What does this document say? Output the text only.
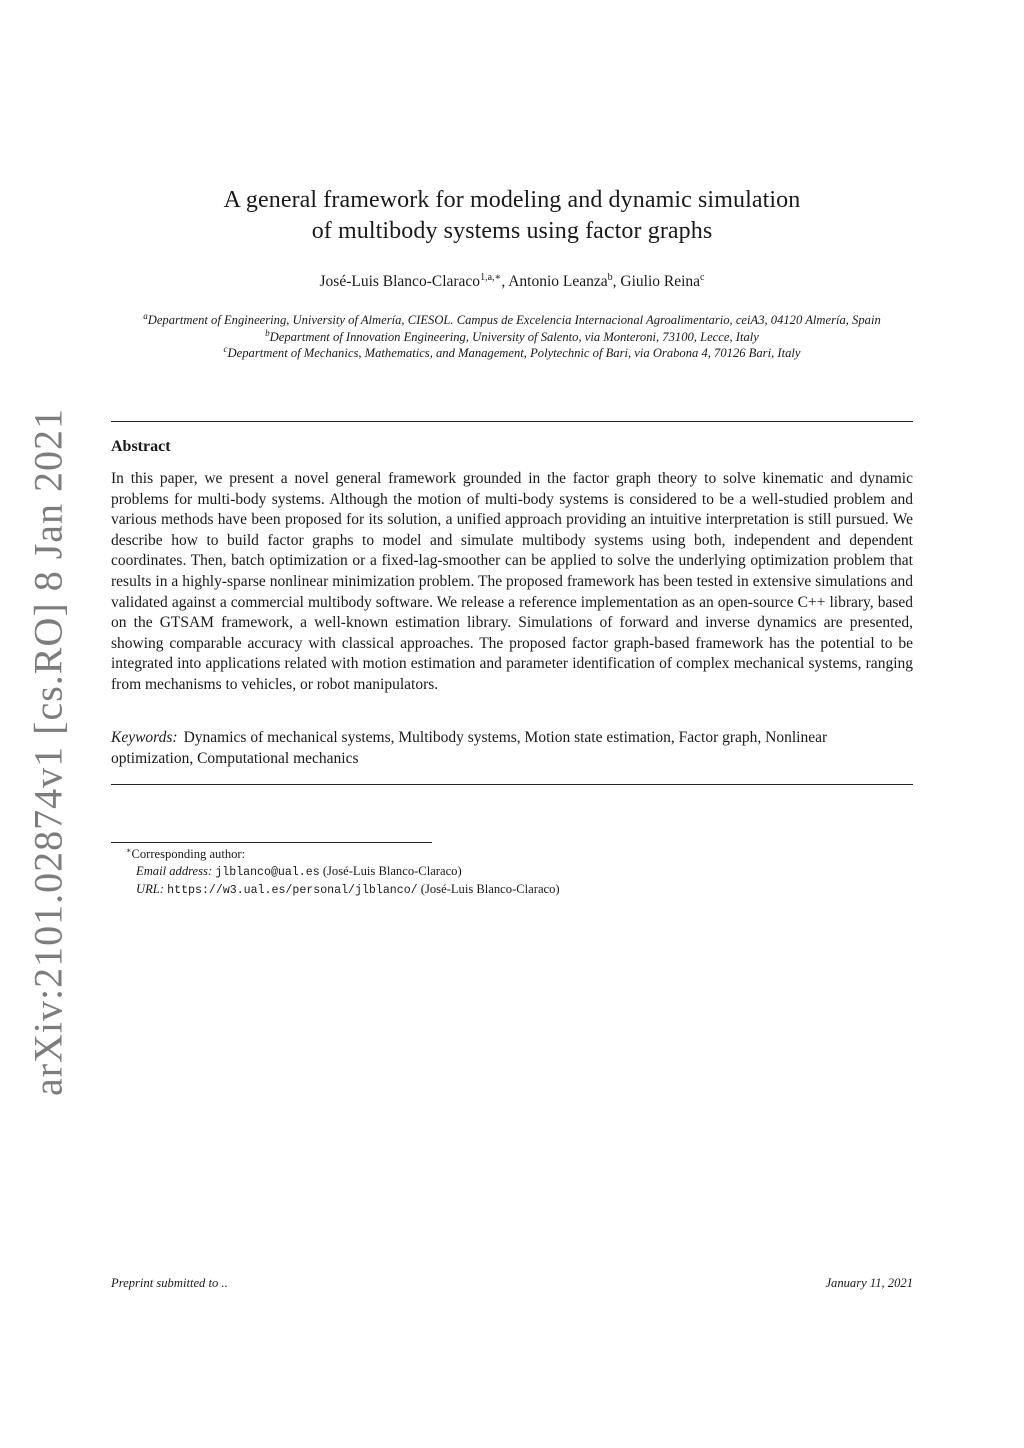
arXiv:2101.02874v1 [cs.RO] 8 Jan 2021
A general framework for modeling and dynamic simulation
of multibody systems using factor graphs
José-Luis Blanco-Claraco$^{1,a,∗}$, Antonio Leanza$^b$, Giulio Reina$^c$
$^a$Department of Engineering, University of Almería, CIESOL. Campus de Excelencia Internacional Agroalimentario, ceiA3, 04120 Almería, Spain
$^b$Department of Innovation Engineering, University of Salento, via Monteroni, 73100, Lecce, Italy
$^c$Department of Mechanics, Mathematics, and Management, Polytechnic of Bari, via Orabona 4, 70126 Bari, Italy
Abstract
In this paper, we present a novel general framework grounded in the factor graph theory to solve kinematic and dynamic problems for multi-body systems. Although the motion of multi-body systems is considered to be a well-studied problem and various methods have been proposed for its solution, a unified approach providing an intuitive interpretation is still pursued. We describe how to build factor graphs to model and simulate multibody systems using both, independent and dependent coordinates. Then, batch optimization or a fixed-lag-smoother can be applied to solve the underlying optimization problem that results in a highly-sparse nonlinear minimization problem. The proposed framework has been tested in extensive simulations and validated against a commercial multibody software. We release a reference implementation as an open-source C++ library, based on the GTSAM framework, a well-known estimation library. Simulations of forward and inverse dynamics are presented, showing comparable accuracy with classical approaches. The proposed factor graph-based framework has the potential to be integrated into applications related with motion estimation and parameter identification of complex mechanical systems, ranging from mechanisms to vehicles, or robot manipulators.
Keywords: Dynamics of mechanical systems, Multibody systems, Motion state estimation, Factor graph, Nonlinear optimization, Computational mechanics
∗Corresponding author:
Email address: jlblanco@ual.es (José-Luis Blanco-Claraco)
URL: https://w3.ual.es/personal/jlblanco/ (José-Luis Blanco-Claraco)
Preprint submitted to ..	January 11, 2021
